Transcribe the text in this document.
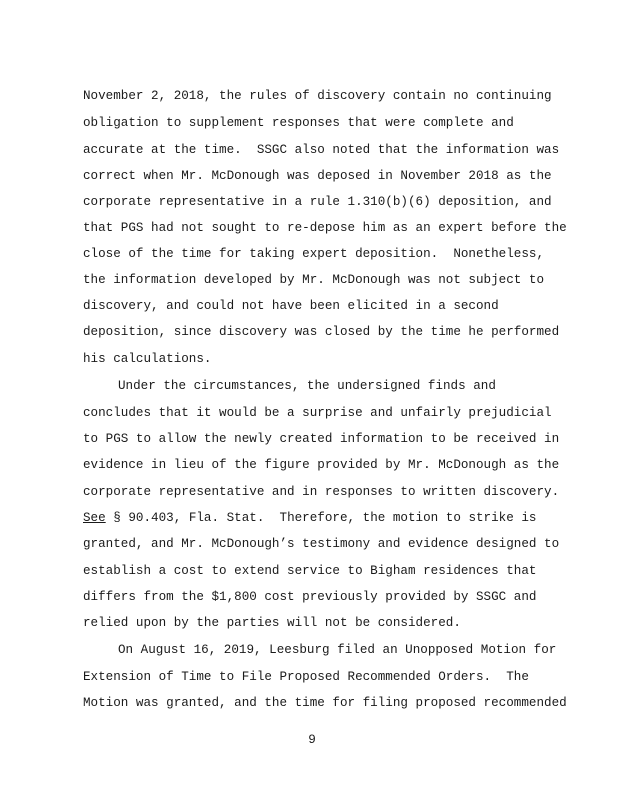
November 2, 2018, the rules of discovery contain no continuing
obligation to supplement responses that were complete and
accurate at the time.  SSGC also noted that the information was
correct when Mr. McDonough was deposed in November 2018 as the
corporate representative in a rule 1.310(b)(6) deposition, and
that PGS had not sought to re-depose him as an expert before the
close of the time for taking expert deposition.  Nonetheless,
the information developed by Mr. McDonough was not subject to
discovery, and could not have been elicited in a second
deposition, since discovery was closed by the time he performed
his calculations.
Under the circumstances, the undersigned finds and
concludes that it would be a surprise and unfairly prejudicial
to PGS to allow the newly created information to be received in
evidence in lieu of the figure provided by Mr. McDonough as the
corporate representative and in responses to written discovery.
See § 90.403, Fla. Stat.  Therefore, the motion to strike is
granted, and Mr. McDonough’s testimony and evidence designed to
establish a cost to extend service to Bigham residences that
differs from the $1,800 cost previously provided by SSGC and
relied upon by the parties will not be considered.
On August 16, 2019, Leesburg filed an Unopposed Motion for
Extension of Time to File Proposed Recommended Orders.  The
Motion was granted, and the time for filing proposed recommended
9
